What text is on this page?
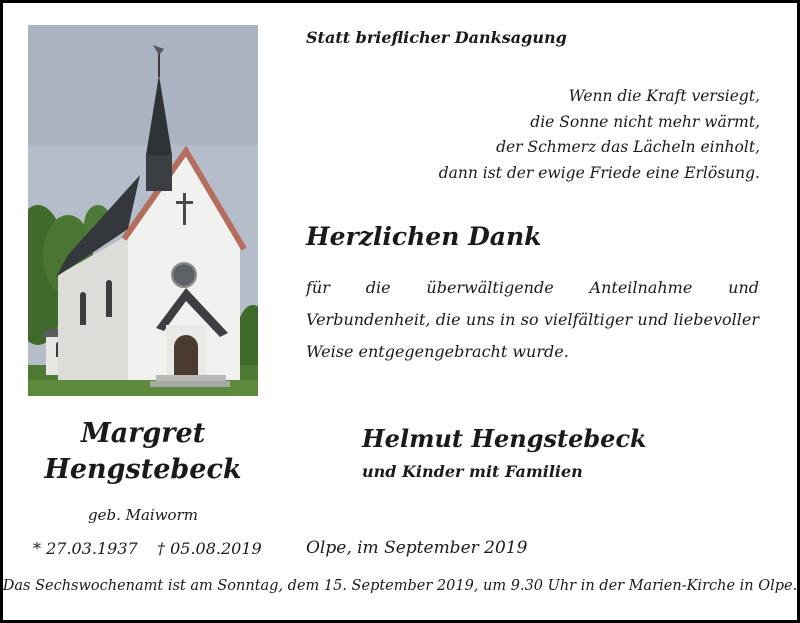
Statt brieflicher Danksagung

Wenn die Kraft versiegt,
die Sonne nicht mehr wärmt,
der Schmerz das Lächeln einholt,
dann ist der ewige Friede eine Erlösung.

Herzlichen Dank

für die überwältigende Anteilnahme und Verbundenheit, die uns in so vielfältiger und liebevoller Weise entgegengebracht wurde.

Margret
Hengstebeck

geb. Maiworm

* 27.03.1937 † 05.08.2019

Helmut Hengstebeck

und Kinder mit Familien

Olpe, im September 2019

Das Sechswochenamt ist am Sonntag, dem 15. September 2019, um 9.30 Uhr in der Marien-Kirche in Olpe.
